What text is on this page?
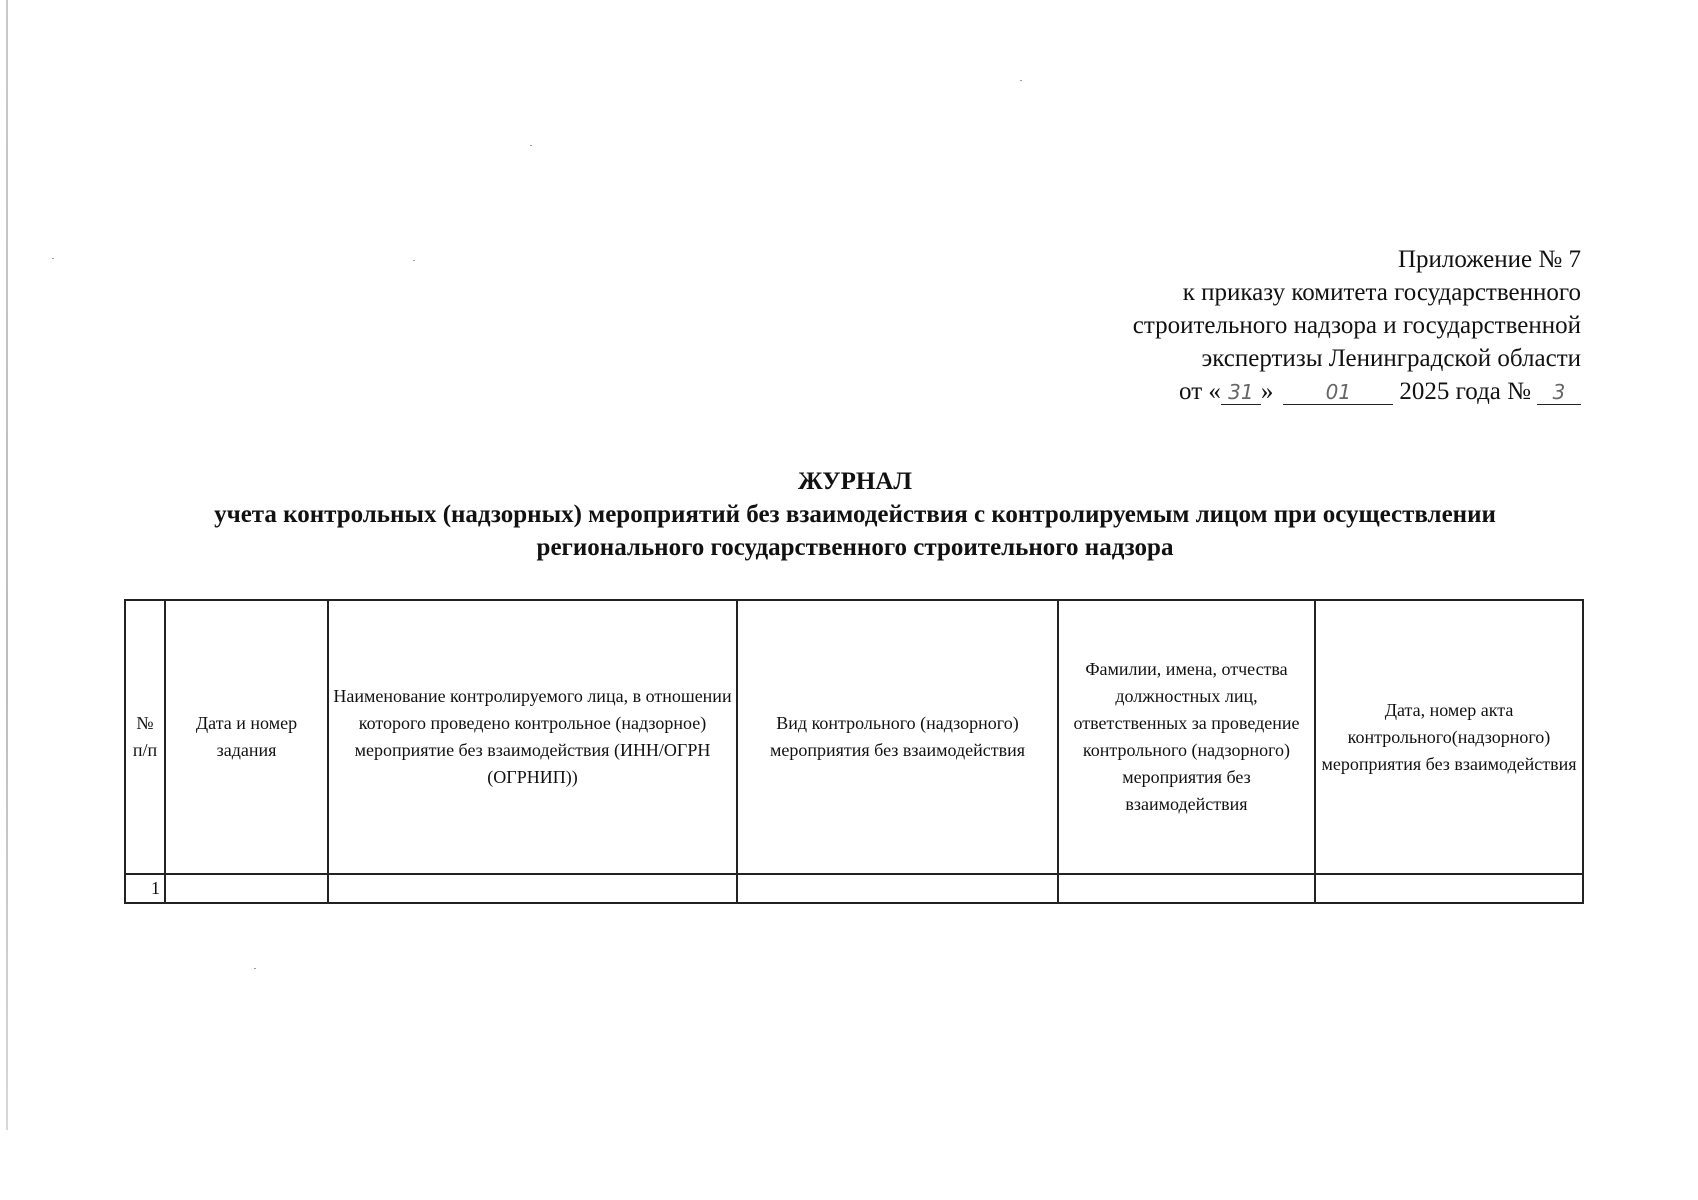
Приложение № 7
к приказу комитета государственного
строительного надзора и государственной
экспертизы Ленинградской области
от « 31 »	01 2025 года № 3
ЖУРНАЛ
учета контрольных (надзорных) мероприятий без взаимодействия с контролируемым лицом при осуществлении
регионального государственного строительного надзора
№ п/п	Дата и номер задания	Наименование контролируемого лица, в отношении которого проведено контрольное (надзорное) мероприятие без взаимодействия (ИНН/ОГРН (ОГРНИП))	Вид контрольного (надзорного) мероприятия без взаимодействия	Фамилии, имена, отчества должностных лиц, ответственных за проведение контрольного (надзорного) мероприятия без взаимодействия	Дата, номер акта контрольного(надзорного) мероприятия без взаимодействия
1					
